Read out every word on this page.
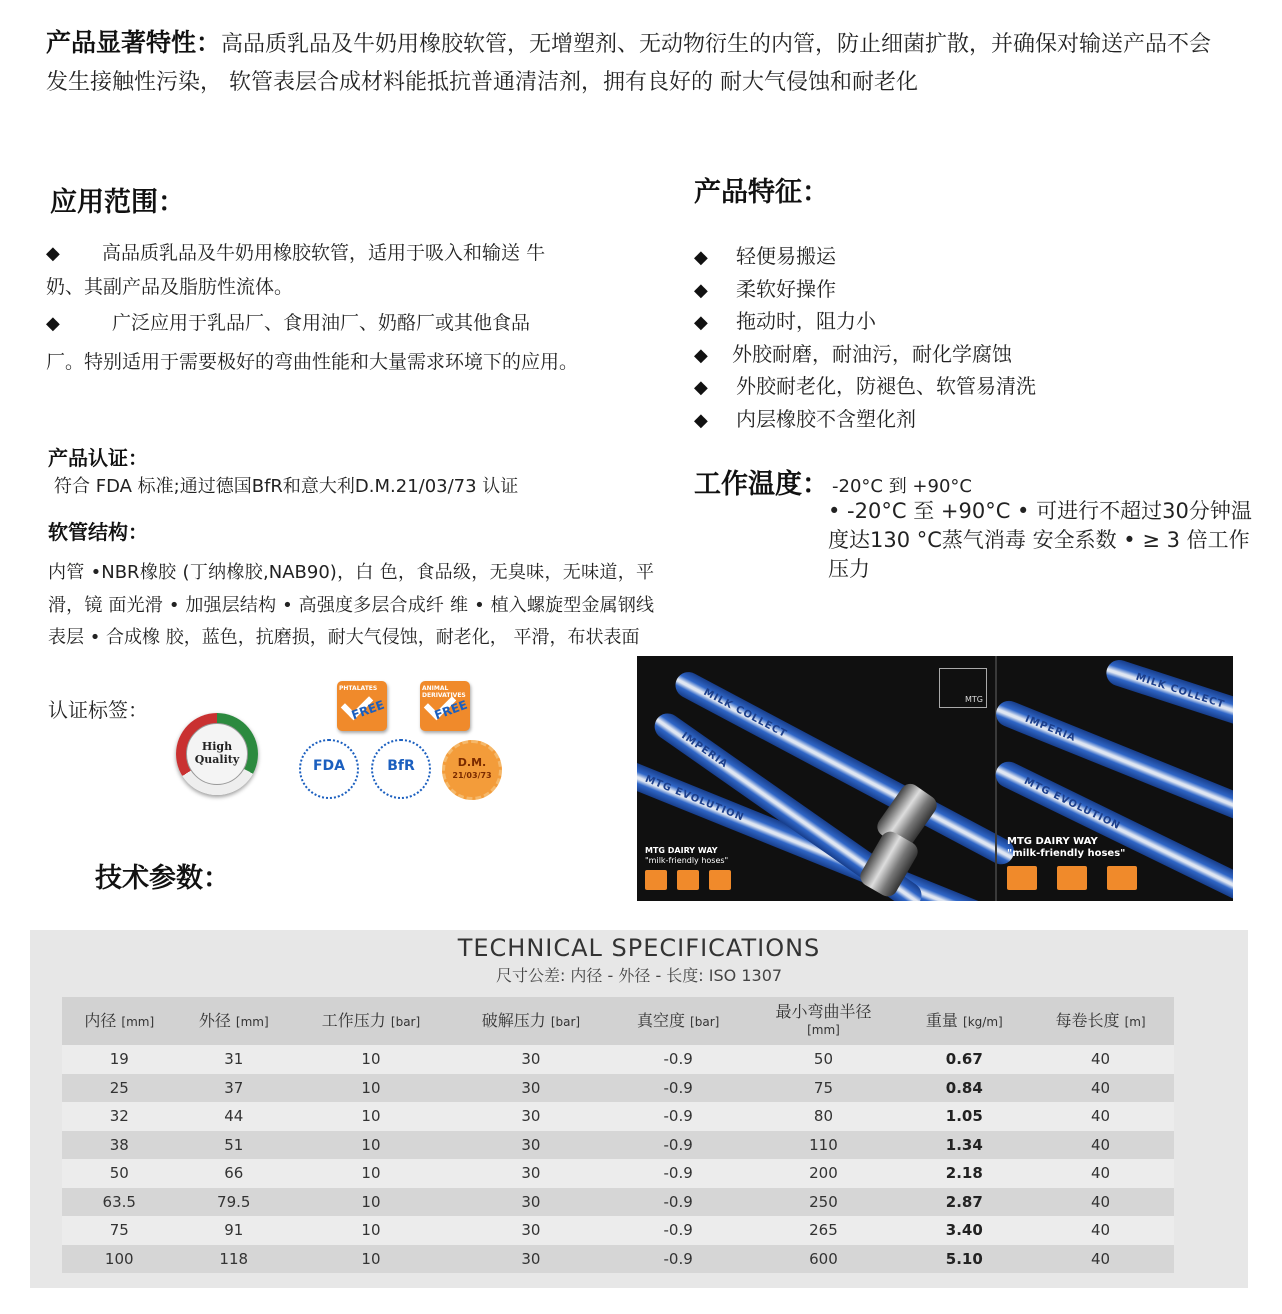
产品显著特性：高品质乳品及牛奶用橡胶软管，无增塑剂、无动物衍生的内管，防止细菌扩散，并确保对输送产品不会发生接触性污染， 软管表层合成材料能抵抗普通清洁剂，拥有良好的 耐大气侵蚀和耐老化
应用范围：
◆ 高品质乳品及牛奶用橡胶软管，适用于吸入和输送 牛
奶、其副产品及脂肪性流体。
◆	广泛应用于乳品厂、食用油厂、奶酪厂或其他食品
厂。特别适用于需要极好的弯曲性能和大量需求环境下的应用。
产品特征：
◆ 轻便易搬运
◆ 柔软好操作
◆ 拖动时，阻力小
◆ 外胶耐磨，耐油污，耐化学腐蚀
◆ 外胶耐老化，防褪色、软管易清洗
◆ 内层橡胶不含塑化剂
工作温度： -20°C 到 +90°C
• -20°C 至 +90°C • 可进行不超过30分钟温度达130 °C蒸气消毒 安全系数 • ≥ 3 倍工作压力
产品认证：
符合 FDA 标准;通过德国BfR和意大利D.M.21/03/73 认证
软管结构：
内管 •NBR橡胶 (丁纳橡胶,NAB90)，白 色，食品级，无臭味，无味道，平滑，镜 面光滑 • 加强层结构 • 高强度多层合成纤 维 • 植入螺旋型金属钢线 表层 • 合成橡 胶，蓝色，抗磨损，耐大气侵蚀，耐老化， 平滑，布状表面
认证标签：
High Quality
PHTALATES
FREE
ANIMAL DERIVATIVES
FREE
FDA	BfR	D.M.
21/03/73	MTG EVOLUTION
MILK COLLECT
IMPERIA
MTG
MTG DAIRY WAY
"milk-friendly hoses"
IMPERIA
MTG EVOLUTION
MILK COLLECT
MTG DAIRY WAY
"milk-friendly hoses"
技术参数：
TECHNICAL SPECIFICATIONS
尺寸公差: 内径 - 外径 - 长度: ISO 1307
内径 [mm]	外径 [mm]	工作压力 [bar]	破解压力 [bar]	真空度 [bar]	最小弯曲半径
[mm]	重量 [kg/m]	每卷长度 [m]
19	31	10	30	-0.9	50	0.67	40
25	37	10	30	-0.9	75	0.84	40
32	44	10	30	-0.9	80	1.05	40
38	51	10	30	-0.9	110	1.34	40
50	66	10	30	-0.9	200	2.18	40
63.5	79.5	10	30	-0.9	250	2.87	40
75	91	10	30	-0.9	265	3.40	40
100	118	10	30	-0.9	600	5.10	40
